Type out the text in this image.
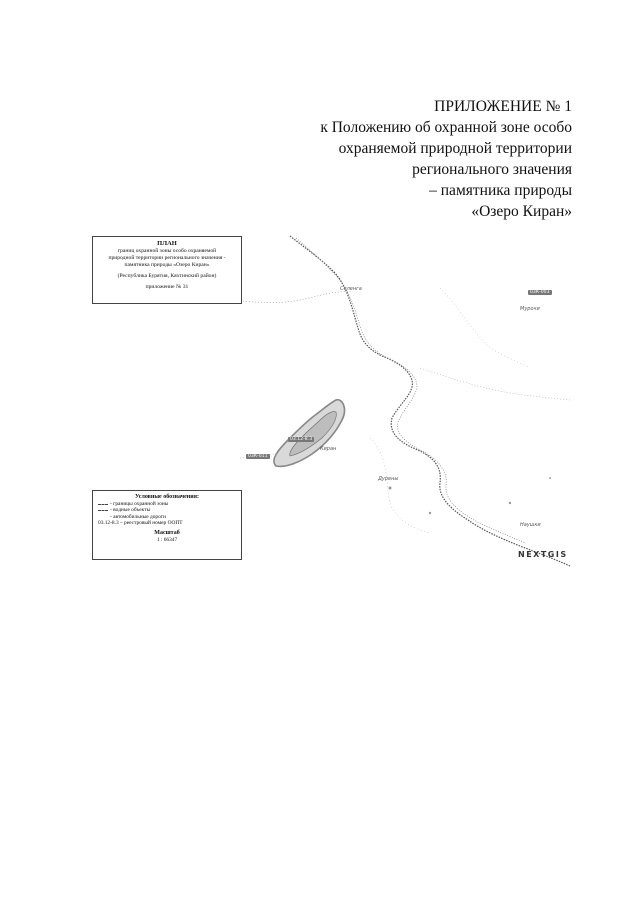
ПРИЛОЖЕНИЕ № 1
к Положению об охранной зоне особо
охраняемой природной территории
регионального значения
– памятника природы
«Озеро Киран»
ПЛАН
границ охранной зоны особо охраняемой
природной территории регионального значения -
памятника природы «Озеро Киран»
(Республика Бурятия, Кяхтинский район)
приложение № 31
Условные обозначения:
- границы охранной зоны
- водные объекты
- автомобильные дороги
03.12-8.3 – реестровый номер ООПТ
Масштаб
1 : 66347
Мурочи
Дурены
Наушки
Киран
Селенга
03.12-8.3
03К-003
03К-011
NEXTGIS
